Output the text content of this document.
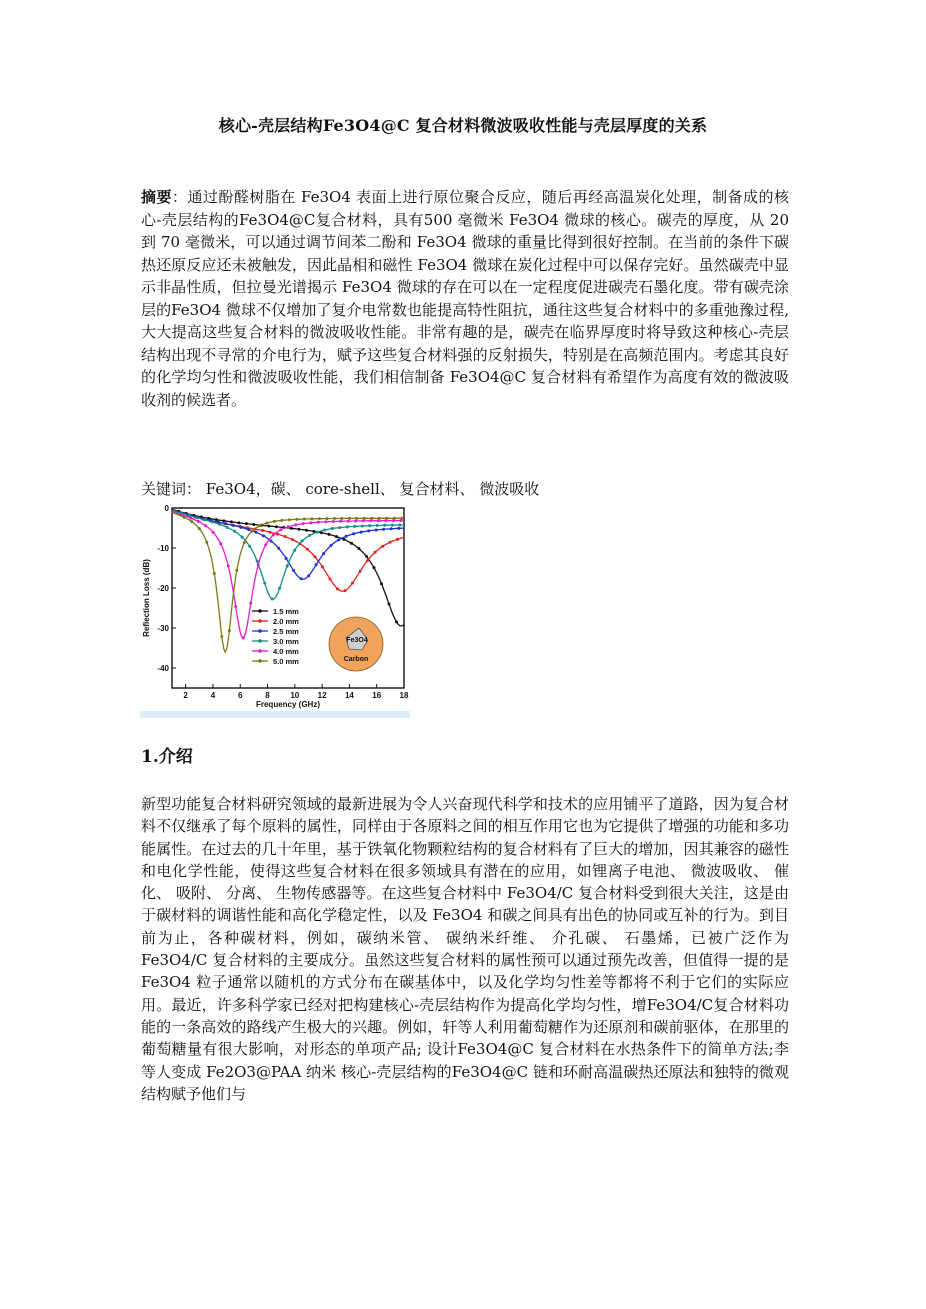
核心-壳层结构Fe3O4@C 复合材料微波吸收性能与壳层厚度的关系
摘要：通过酚醛树脂在 Fe3O4 表面上进行原位聚合反应，随后再经高温炭化处理，制备成的核心-壳层结构的Fe3O4@C复合材料，具有500 毫微米 Fe3O4 微球的核心。碳壳的厚度，从 20 到 70 毫微米，可以通过调节间苯二酚和 Fe3O4 微球的重量比得到很好控制。在当前的条件下碳热还原反应还未被触发，因此晶相和磁性 Fe3O4 微球在炭化过程中可以保存完好。虽然碳壳中显示非晶性质，但拉曼光谱揭示 Fe3O4 微球的存在可以在一定程度促进碳壳石墨化度。带有碳壳涂层的Fe3O4 微球不仅增加了复介电常数也能提高特性阻抗，通往这些复合材料中的多重弛豫过程,大大提高这些复合材料的微波吸收性能。非常有趣的是，碳壳在临界厚度时将导致这种核心-壳层结构出现不寻常的介电行为，赋予这些复合材料强的反射损失，特别是在高频范围内。考虑其良好的化学均匀性和微波吸收性能，我们相信制备 Fe3O4@C 复合材料有希望作为高度有效的微波吸收剂的候选者。
关键词： Fe3O4，碳、 core-shell、 复合材料、 微波吸收
0
-10
-20
-30
-40
2	4	6	8	10 12 14 16 18
Frequency (GHz)
Reflection Loss (dB)	1.5 mm
2.0 mm
2.5 mm
3.0 mm
4.0 mm
5.0 mm
Fe3O4
Carbon
1.介绍

新型功能复合材料研究领域的最新进展为令人兴奋现代科学和技术的应用铺平了道路，因为复合材料不仅继承了每个原料的属性，同样由于各原料之间的相互作用它也为它提供了增强的功能和多功能属性。在过去的几十年里，基于铁氧化物颗粒结构的复合材料有了巨大的增加，因其兼容的磁性和电化学性能，使得这些复合材料在很多领域具有潜在的应用，如锂离子电池、 微波吸收、 催化、 吸附、 分离、 生物传感器等。在这些复合材料中 Fe3O4/C 复合材料受到很大关注，这是由于碳材料的调谐性能和高化学稳定性，以及 Fe3O4 和碳之间具有出色的协同或互补的行为。到目前为止，各种碳材料，例如，碳纳米管、 碳纳米纤维、 介孔碳、 石墨烯，已被广泛作为 Fe3O4/C 复合材料的主要成分。虽然这些复合材料的属性预可以通过预先改善，但值得一提的是 Fe3O4 粒子通常以随机的方式分布在碳基体中，以及化学均匀性差等都将不利于它们的实际应用。最近，许多科学家已经对把构建核心-壳层结构作为提高化学均匀性，增Fe3O4/C复合材料功能的一条高效的路线产生极大的兴趣。例如，轩等人利用葡萄糖作为还原剂和碳前驱体，在那里的葡萄糖量有很大影响，对形态的单项产品; 设计Fe3O4@C 复合材料在水热条件下的简单方法;李等人变成 Fe2O3@PAA 纳米 核心-壳层结构的Fe3O4@C 链和环耐高温碳热还原法和独特的微观结构赋予他们与
